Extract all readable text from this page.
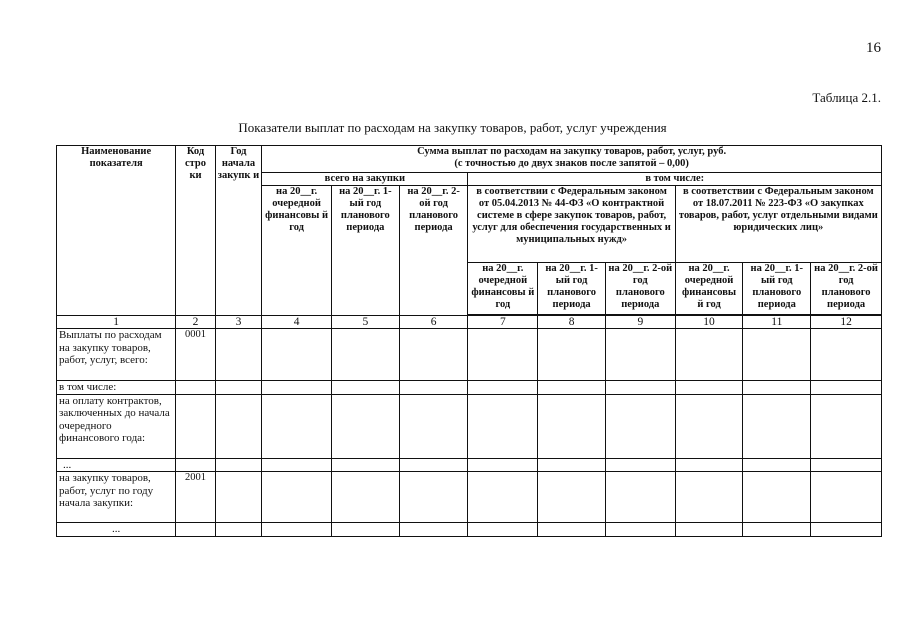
16
Таблица 2.1.
Показатели выплат по расходам на закупку товаров, работ, услуг учреждения
Наименование показателя	Код стро ки	Год начала закупк и	Сумма выплат по расходам на закупку товаров, работ, услуг, руб.
(с точностью до двух знаков после запятой – 0,00)								

			всего на закупки			в том числе:					
			на 20__г. очередной финансовы й год	на 20__г. 1-ый год планового периода	на 20__г. 2-ой год планового периода	в соответствии с Федеральным законом от 05.04.2013 № 44-ФЗ «О контрактной системе в сфере закупок товаров, работ, услуг для обеспечения государственных и муниципальных нужд»			в соответствии с Федеральным законом от 18.07.2011 № 223-ФЗ «О закупках товаров, работ, услуг отдельными видами юридических лиц»		
						на 20__г. очередной финансовы й год	на 20__г. 1-ый год планового периода	на 20__г. 2-ой год планового периода	на 20__г. очередной финансовы й год	на 20__г. 1-ый год планового периода	на 20__г. 2-ой год планового периода

1	2	3	4	5	6	7	8	9	10	11	12
Выплаты по расходам на закупку товаров, работ, услуг, всего:	0001										
в том числе:											
на оплату контрактов, заключенных до начала очередного финансового года:											
...											
на закупку товаров, работ, услуг по году начала закупки:	2001										
...											
